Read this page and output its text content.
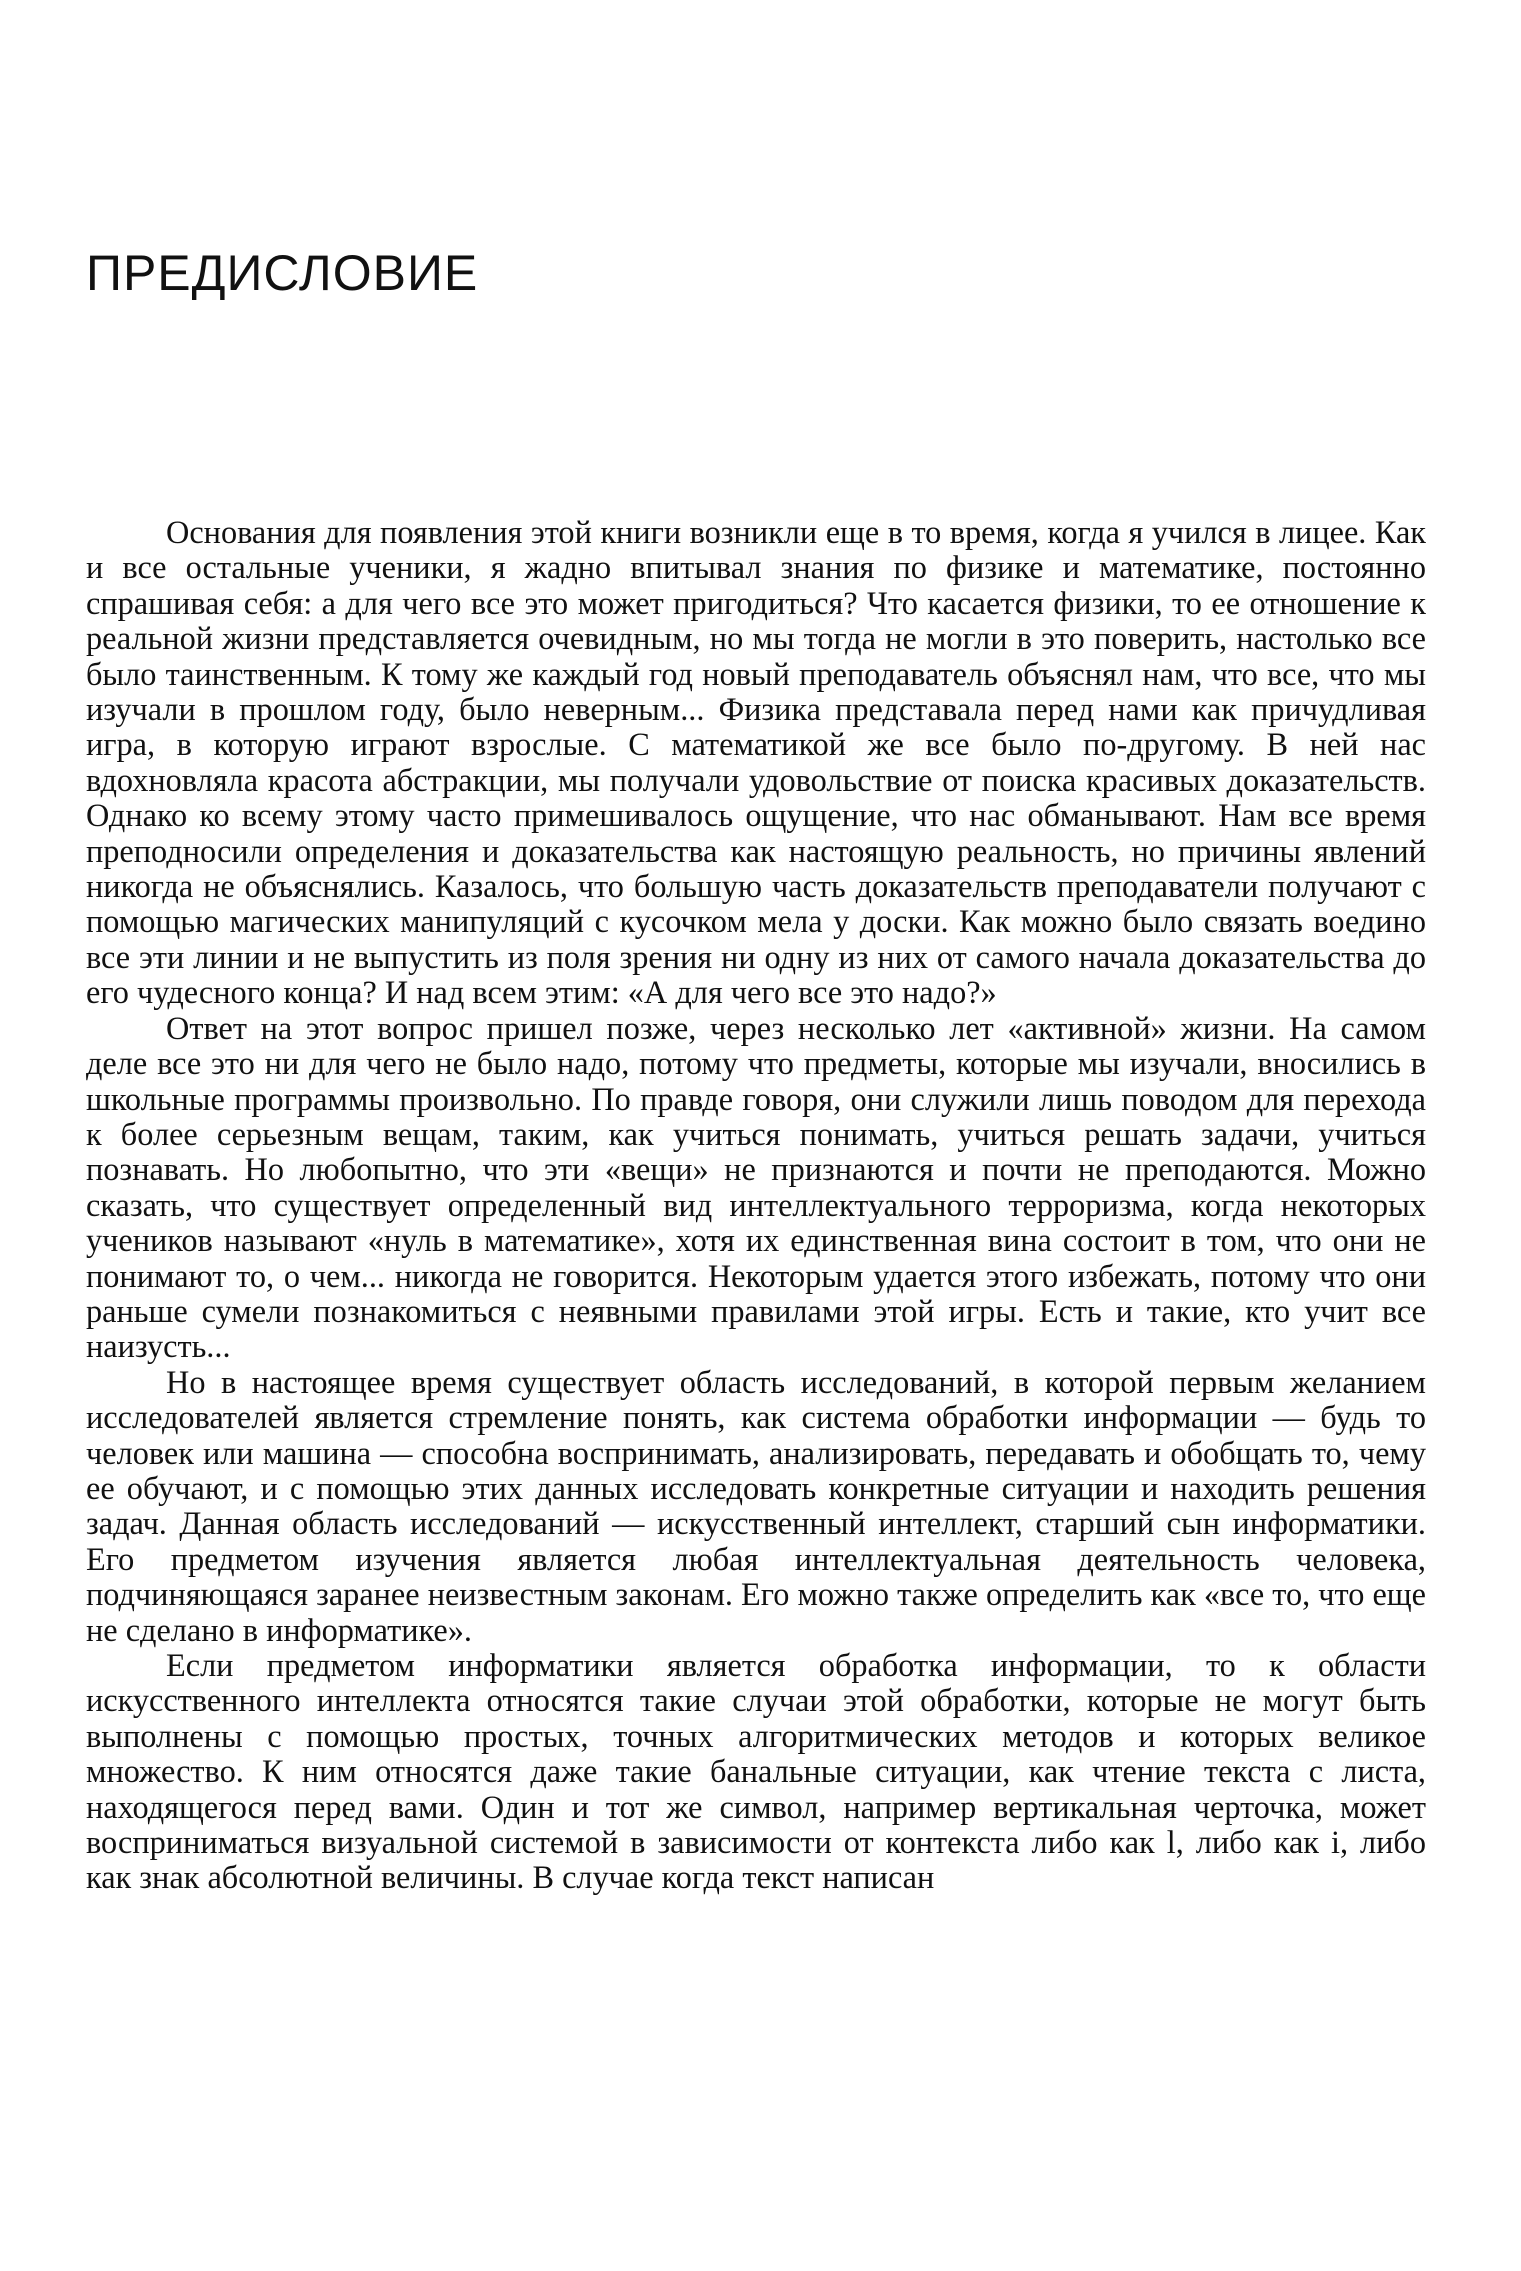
ПРЕДИСЛОВИЕ

Основания для появления этой книги возникли еще в то время, когда я учился в лицее. Как и все остальные ученики, я жадно впитывал знания по физике и математике, постоянно спрашивая себя: а для чего все это может пригодиться? Что касается физики, то ее отношение к реальной жизни представляется очевидным, но мы тогда не могли в это поверить, настолько все было таинственным. К тому же каждый год новый преподаватель объяснял нам, что все, что мы изучали в прошлом году, было неверным... Физика представала перед нами как причудливая игра, в которую играют взрослые. С математикой же все было по-другому. В ней нас вдохновляла красота абстракции, мы получали удовольствие от поиска красивых доказательств. Однако ко всему этому часто примешивалось ощущение, что нас обманывают. Нам все время преподносили определения и доказательства как настоящую реальность, но причины явлений никогда не объяснялись. Казалось, что большую часть доказательств преподаватели получают с помощью магических манипуляций с кусочком мела у доски. Как можно было связать воедино все эти линии и не выпустить из поля зрения ни одну из них от самого начала доказательства до его чудесного конца? И над всем этим: «А для чего все это надо?»

Ответ на этот вопрос пришел позже, через несколько лет «активной» жизни. На самом деле все это ни для чего не было надо, потому что предметы, которые мы изучали, вносились в школьные программы произвольно. По правде говоря, они служили лишь поводом для перехода к более серьезным вещам, таким, как учиться понимать, учиться решать задачи, учиться познавать. Но любопытно, что эти «вещи» не признаются и почти не преподаются. Можно сказать, что существует определенный вид интеллектуального терроризма, когда некоторых учеников называют «нуль в математике», хотя их единственная вина состоит в том, что они не понимают то, о чем... никогда не говорится. Некоторым удается этого избежать, потому что они раньше сумели познакомиться с неявными правилами этой игры. Есть и такие, кто учит все наизусть...

Но в настоящее время существует область исследований, в которой первым желанием исследователей является стремление понять, как система обработки информации — будь то человек или машина — способна воспринимать, анализировать, передавать и обобщать то, чему ее обучают, и с помощью этих данных исследовать конкретные ситуации и находить решения задач. Данная область исследований — искусственный интеллект, старший сын информатики. Его предметом изучения является любая интеллектуальная деятельность человека, подчиняющаяся заранее неизвестным законам. Его можно также определить как «все то, что еще не сделано в информатике».

Если предметом информатики является обработка информации, то к области искусственного интеллекта относятся такие случаи этой обработки, которые не могут быть выполнены с помощью простых, точных алгоритмических методов и которых великое множество. К ним относятся даже такие банальные ситуации, как чтение текста с листа, находящегося перед вами. Один и тот же символ, например вертикальная черточка, может восприниматься визуальной системой в зависимости от контекста либо как l, либо как i, либо как знак абсолютной величины. В случае когда текст написан
